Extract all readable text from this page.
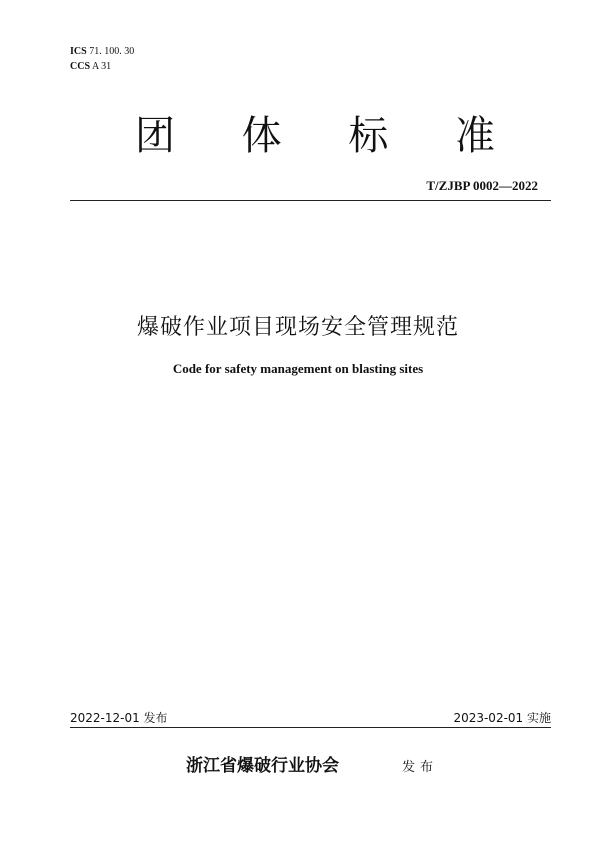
ICS 71. 100. 30
CCS A 31
团 体 标 准
T/ZJBP 0002—2022
爆破作业项目现场安全管理规范
Code for safety management on blasting sites
2022-12-01 发布	2023-02-01 实施
浙江省爆破行业协会	发布
